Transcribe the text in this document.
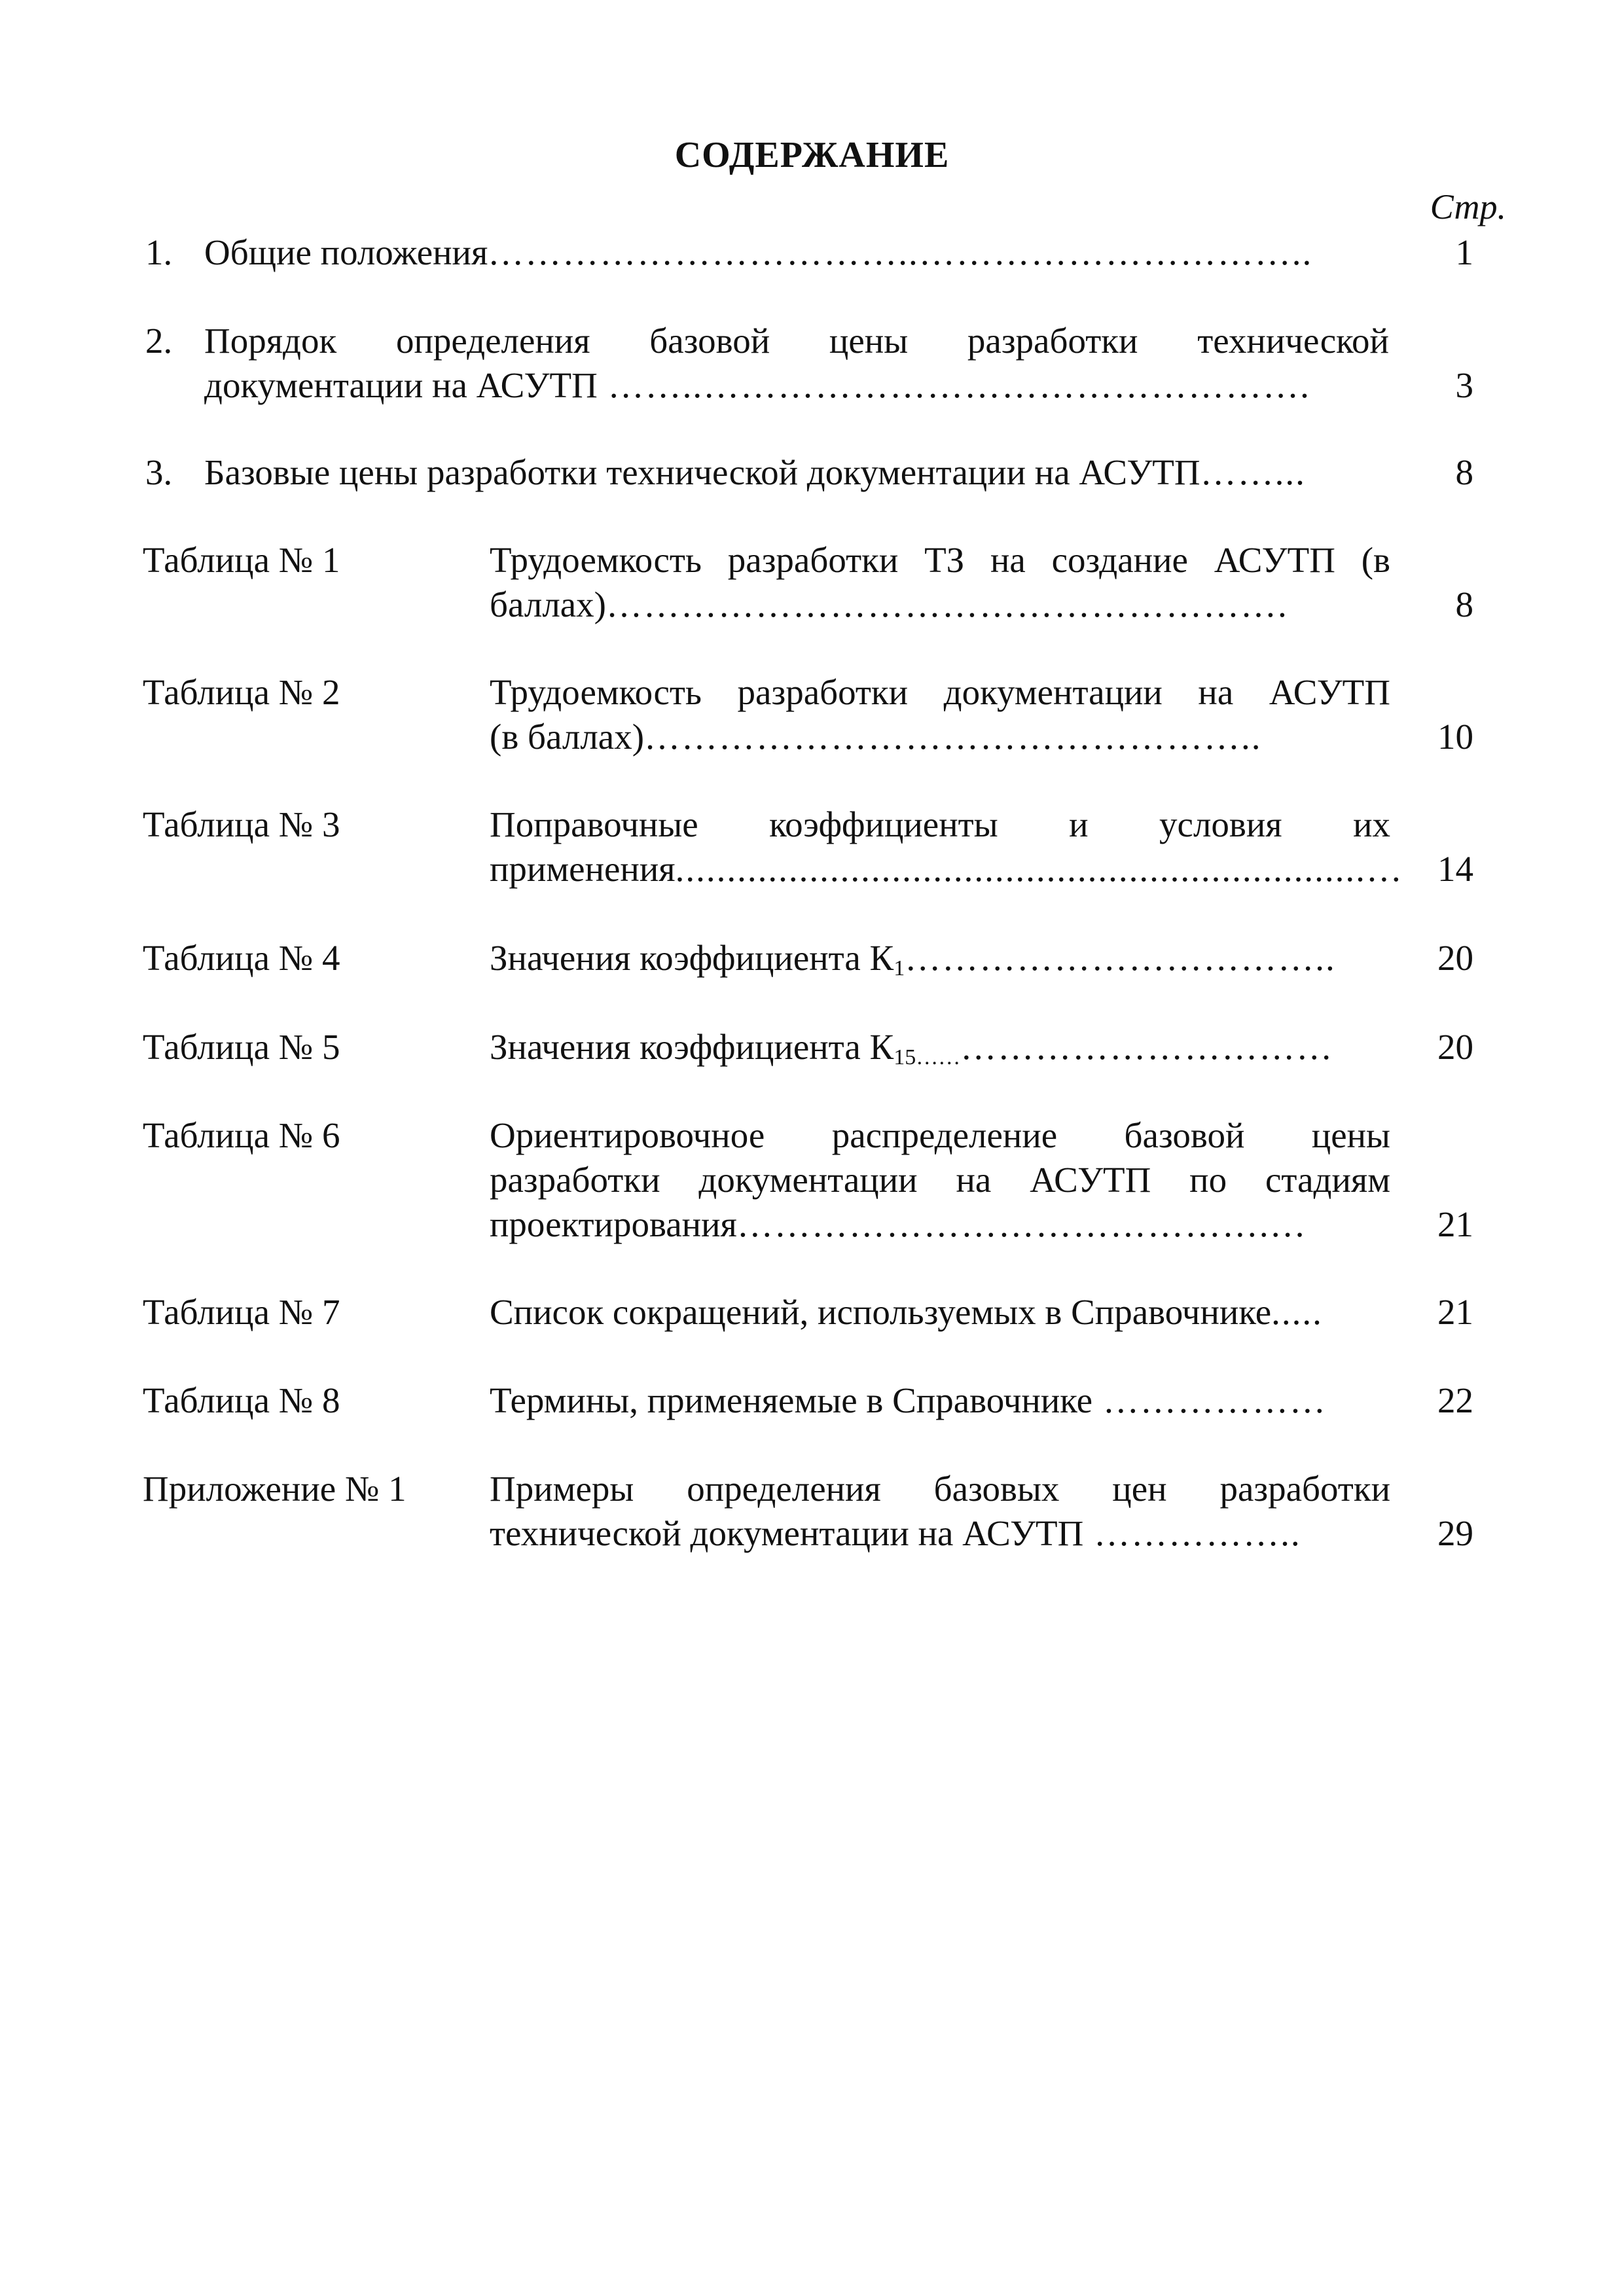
СОДЕРЖАНИЕ
Стр.
1. Общие положения……………………………..…………………………..	1
2. Порядок определения базовой цены разработки технической
документации на АСУТП ……..………………………………………….	3
3. Базовые цены разработки технической документации на АСУТП……...	8
Таблица № 1	Трудоемкость разработки ТЗ на создание АСУТП (в
баллах)……………………………………………….	8
Таблица № 2	Трудоемкость разработки документации на АСУТП
(в баллах)…………………………………………..	10
Таблица № 3	Поправочные коэффициенты и условия их
применения...................................................................… 14
Таблица № 4	Значения коэффициента $К_1\dots\dots\dots\dots\dots\dots\dots\dots\dots\dots\dots$..	20
Таблица № 5	Значения коэффициента $К_{15\dots\dots}\dots\dots\dots\dots\dots\dots\dots\dots\dots\dots$	20
Таблица № 6	Ориентировочное распределение базовой цены
разработки документации на АСУТП по стадиям
проектирования…………………………………….…	21
Таблица № 7	Список сокращений, используемых в Справочнике.....	21
Таблица № 8	Термины, применяемые в Справочнике ………………	22
Приложение № 1 Примеры определения базовых цен разработки
технической документации на АСУТП ……………..	29
